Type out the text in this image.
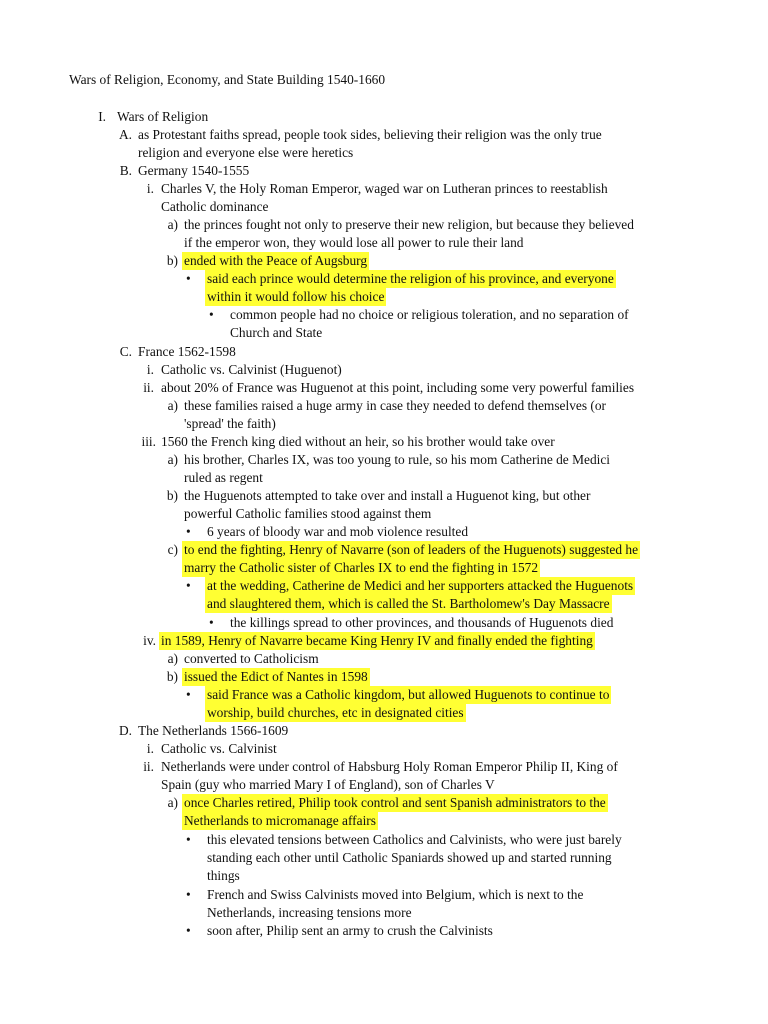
Wars of Religion, Economy, and State Building 1540-1660
I. Wars of Religion
A. as Protestant faiths spread, people took sides, believing their religion was the only true
religion and everyone else were heretics
B. Germany 1540-1555
i. Charles V, the Holy Roman Emperor, waged war on Lutheran princes to reestablish
Catholic dominance
a) the princes fought not only to preserve their new religion, but because they believed
if the emperor won, they would lose all power to rule their land
b) ended with the Peace of Augsburg
• said each prince would determine the religion of his province, and everyone
within it would follow his choice
• common people had no choice or religious toleration, and no separation of
Church and State
C. France 1562-1598
i. Catholic vs. Calvinist (Huguenot)
ii. about 20% of France was Huguenot at this point, including some very powerful families
a) these families raised a huge army in case they needed to defend themselves (or
'spread' the faith)
iii. 1560 the French king died without an heir, so his brother would take over
a) his brother, Charles IX, was too young to rule, so his mom Catherine de Medici
ruled as regent
b) the Huguenots attempted to take over and install a Huguenot king, but other
powerful Catholic families stood against them
• 6 years of bloody war and mob violence resulted
c) to end the fighting, Henry of Navarre (son of leaders of the Huguenots) suggested he
marry the Catholic sister of Charles IX to end the fighting in 1572
• at the wedding, Catherine de Medici and her supporters attacked the Huguenots
and slaughtered them, which is called the St. Bartholomew's Day Massacre
• the killings spread to other provinces, and thousands of Huguenots died
iv. in 1589, Henry of Navarre became King Henry IV and finally ended the fighting
a) converted to Catholicism
b) issued the Edict of Nantes in 1598
• said France was a Catholic kingdom, but allowed Huguenots to continue to
worship, build churches, etc in designated cities
D. The Netherlands 1566-1609
i. Catholic vs. Calvinist
ii. Netherlands were under control of Habsburg Holy Roman Emperor Philip II, King of
Spain (guy who married Mary I of England), son of Charles V
a) once Charles retired, Philip took control and sent Spanish administrators to the
Netherlands to micromanage affairs
• this elevated tensions between Catholics and Calvinists, who were just barely
standing each other until Catholic Spaniards showed up and started running
things
• French and Swiss Calvinists moved into Belgium, which is next to the
Netherlands, increasing tensions more
• soon after, Philip sent an army to crush the Calvinists
